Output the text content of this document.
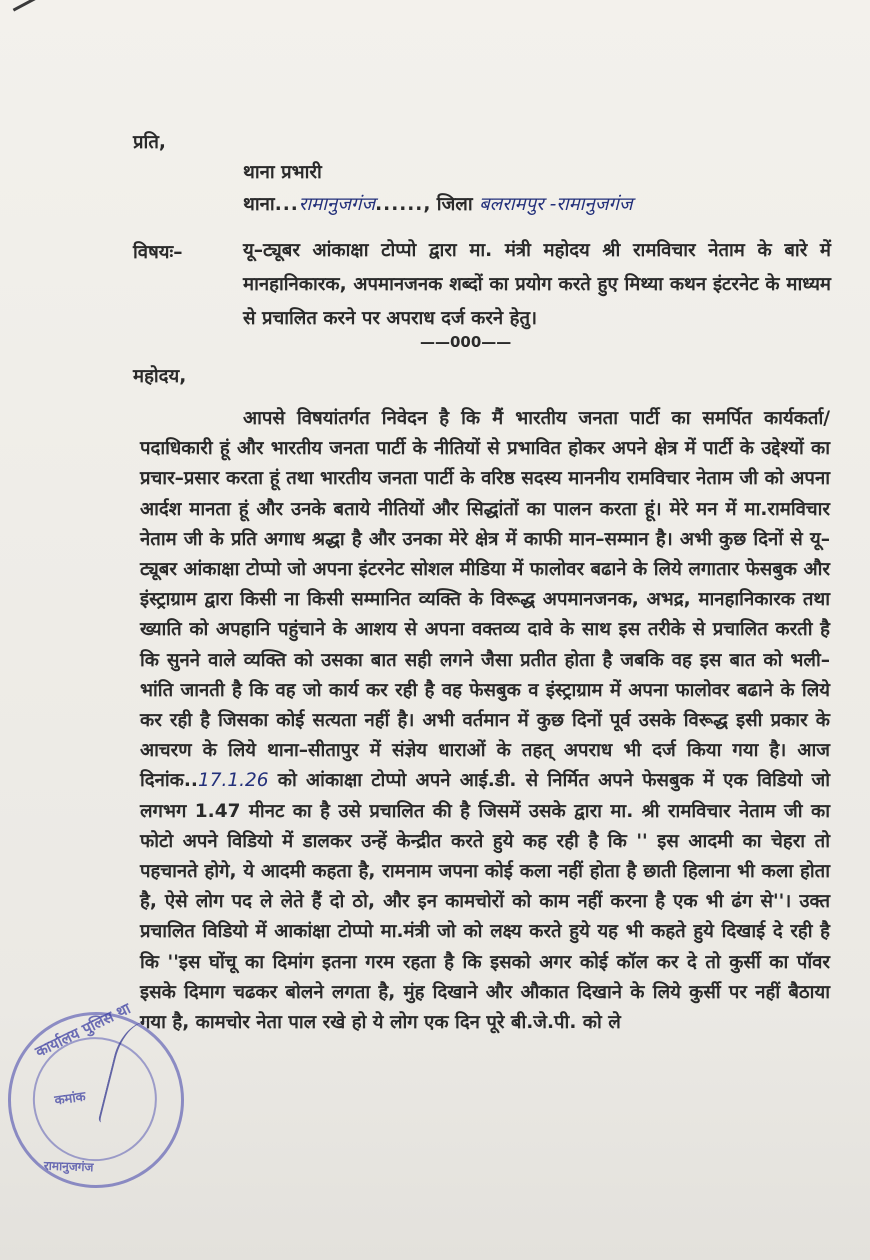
प्रति,
थाना प्रभारी
थाना...रामानुजगंज......, जिला बलरामपुर -रामानुजगंज
विषयः–	यू–ट्यूबर आंकाक्षा टोप्पो द्वारा मा. मंत्री महोदय श्री रामविचार नेताम के बारे में मानहानिकारक, अपमानजनक शब्दों का प्रयोग करते हुए मिथ्या कथन इंटरनेट के माध्यम से प्रचालित करने पर अपराध दर्ज करने हेतु।
——000——
महोदय,

आपसे विषयांतर्गत निवेदन है कि मैं भारतीय जनता पार्टी का समर्पित कार्यकर्ता/पदाधिकारी हूं और भारतीय जनता पार्टी के नीतियों से प्रभावित होकर अपने क्षेत्र में पार्टी के उद्देश्यों का प्रचार–प्रसार करता हूं तथा भारतीय जनता पार्टी के वरिष्ठ सदस्य माननीय रामविचार नेताम जी को अपना आर्दश मानता हूं और उनके बताये नीतियों और सिद्धांतों का पालन करता हूं। मेरे मन में मा.रामविचार नेताम जी के प्रति अगाध श्रद्धा है और उनका मेरे क्षेत्र में काफी मान–सम्मान है। अभी कुछ दिनों से यू–ट्यूबर आंकाक्षा टोप्पो जो अपना इंटरनेट सोशल मीडिया में फालोवर बढाने के लिये लगातार फेसबुक और इंस्ट्राग्राम द्वारा किसी ना किसी सम्मानित व्यक्ति के विरूद्ध अपमानजनक, अभद्र, मानहानिकारक तथा ख्याति को अपहानि पहुंचाने के आशय से अपना वक्तव्य दावे के साथ इस तरीके से प्रचालित करती है कि सुनने वाले व्यक्ति को उसका बात सही लगने जैसा प्रतीत होता है जबकि वह इस बात को भली–भांति जानती है कि वह जो कार्य कर रही है वह फेसबुक व इंस्ट्राग्राम में अपना फालोवर बढाने के लिये कर रही है जिसका कोई सत्यता नहीं है। अभी वर्तमान में कुछ दिनों पूर्व उसके विरूद्ध इसी प्रकार के आचरण के लिये थाना–सीतापुर में संज्ञेय धाराओं के तहत् अपराध भी दर्ज किया गया है। आज दिनांक..17.1.26 को आंकाक्षा टोप्पो अपने आई.डी. से निर्मित अपने फेसबुक में एक विडियो जो लगभग 1.47 मीनट का है उसे प्रचालित की है जिसमें उसके द्वारा मा. श्री रामविचार नेताम जी का फोटो अपने विडियो में डालकर उन्हें केन्द्रीत करते हुये कह रही है कि '' इस आदमी का चेहरा तो पहचानते होगे, ये आदमी कहता है, रामनाम जपना कोई कला नहीं होता है छाती हिलाना भी कला होता है, ऐसे लोग पद ले लेते हैं दो ठो, और इन कामचोरों को काम नहीं करना है एक भी ढंग से''। उक्त प्रचालित विडियो में आकांक्षा टोप्पो मा.मंत्री जो को लक्ष्य करते हुये यह भी कहते हुये दिखाई दे रही है कि ''इस घोंचू का दिमांग इतना गरम रहता है कि इसको अगर कोई कॉल कर दे तो कुर्सी का पॉवर इसके दिमाग चढकर बोलने लगता है, मुंह दिखाने और औकात दिखाने के लिये कुर्सी पर नहीं बैठाया गया है, कामचोर नेता पाल रखे हो ये लोग एक दिन पूरे बी.जे.पी. को ले

कार्यालय पुलिस था
कमांक
रामानुजगंज
